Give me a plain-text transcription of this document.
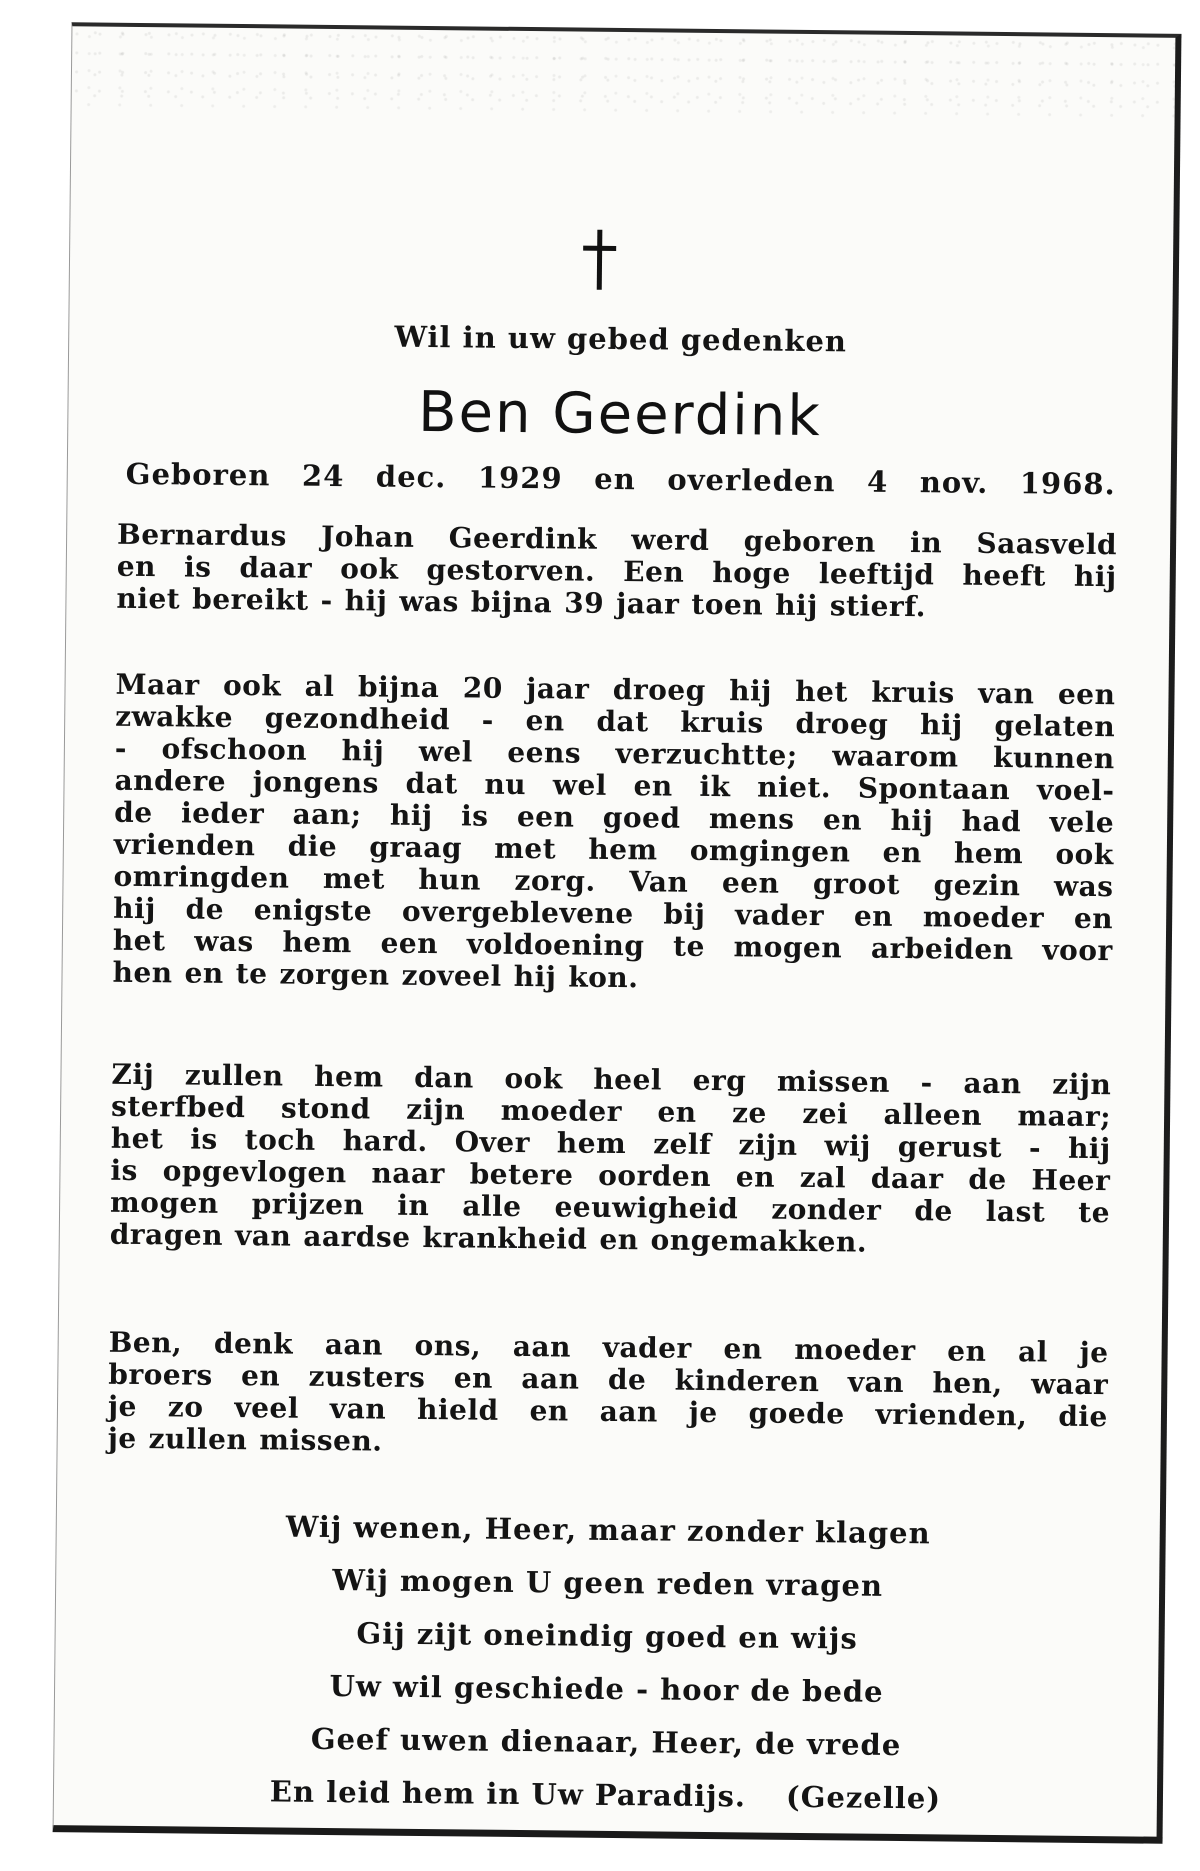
Wil in uw gebed gedenken
Ben Geerdink
Geboren 24 dec. 1929 en overleden 4 nov. 1968.
Bernardus Johan Geerdink werd geboren in Saasveld
en is daar ook gestorven. Een hoge leeftijd heeft hij
niet bereikt - hij was bijna 39 jaar toen hij stierf.
Maar ook al bijna 20 jaar droeg hij het kruis van een
zwakke gezondheid - en dat kruis droeg hij gelaten
- ofschoon hij wel eens verzuchtte; waarom kunnen
andere jongens dat nu wel en ik niet. Spontaan voel-
de ieder aan; hij is een goed mens en hij had vele
vrienden die graag met hem omgingen en hem ook
omringden met hun zorg. Van een groot gezin was
hij de enigste overgeblevene bij vader en moeder en
het was hem een voldoening te mogen arbeiden voor
hen en te zorgen zoveel hij kon.
Zij zullen hem dan ook heel erg missen - aan zijn
sterfbed stond zijn moeder en ze zei alleen maar;
het is toch hard. Over hem zelf zijn wij gerust - hij
is opgevlogen naar betere oorden en zal daar de Heer
mogen prijzen in alle eeuwigheid zonder de last te
dragen van aardse krankheid en ongemakken.
Ben, denk aan ons, aan vader en moeder en al je
broers en zusters en aan de kinderen van hen, waar
je zo veel van hield en aan je goede vrienden, die
je zullen missen.
Wij wenen, Heer, maar zonder klagen
Wij mogen U geen reden vragen
Gij zijt oneindig goed en wijs
Uw wil geschiede - hoor de bede
Geef uwen dienaar, Heer, de vrede
En leid hem in Uw Paradijs. (Gezelle)
